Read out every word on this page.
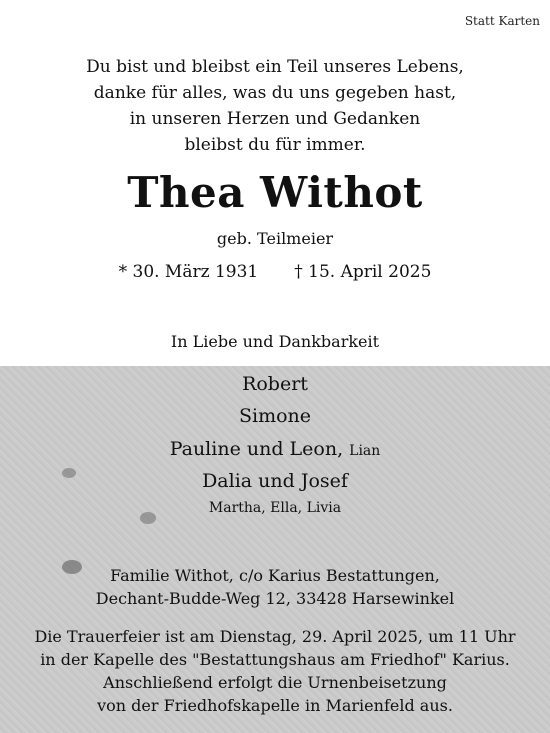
Statt Karten
Du bist und bleibst ein Teil unseres Lebens,
danke für alles, was du uns gegeben hast,
in unseren Herzen und Gedanken
bleibst du für immer.
Thea Withot
geb. Teilmeier
* 30. März 1931 † 15. April 2025
In Liebe und Dankbarkeit
Robert
Simone
Pauline und Leon, Lian
Dalia und Josef
Martha, Ella, Livia
Familie Withot, c/o Karius Bestattungen,
Dechant-Budde-Weg 12, 33428 Harsewinkel
Die Trauerfeier ist am Dienstag, 29. April 2025, um 11 Uhr
in der Kapelle des "Bestattungshaus am Friedhof" Karius.
Anschließend erfolgt die Urnenbeisetzung
von der Friedhofskapelle in Marienfeld aus.
